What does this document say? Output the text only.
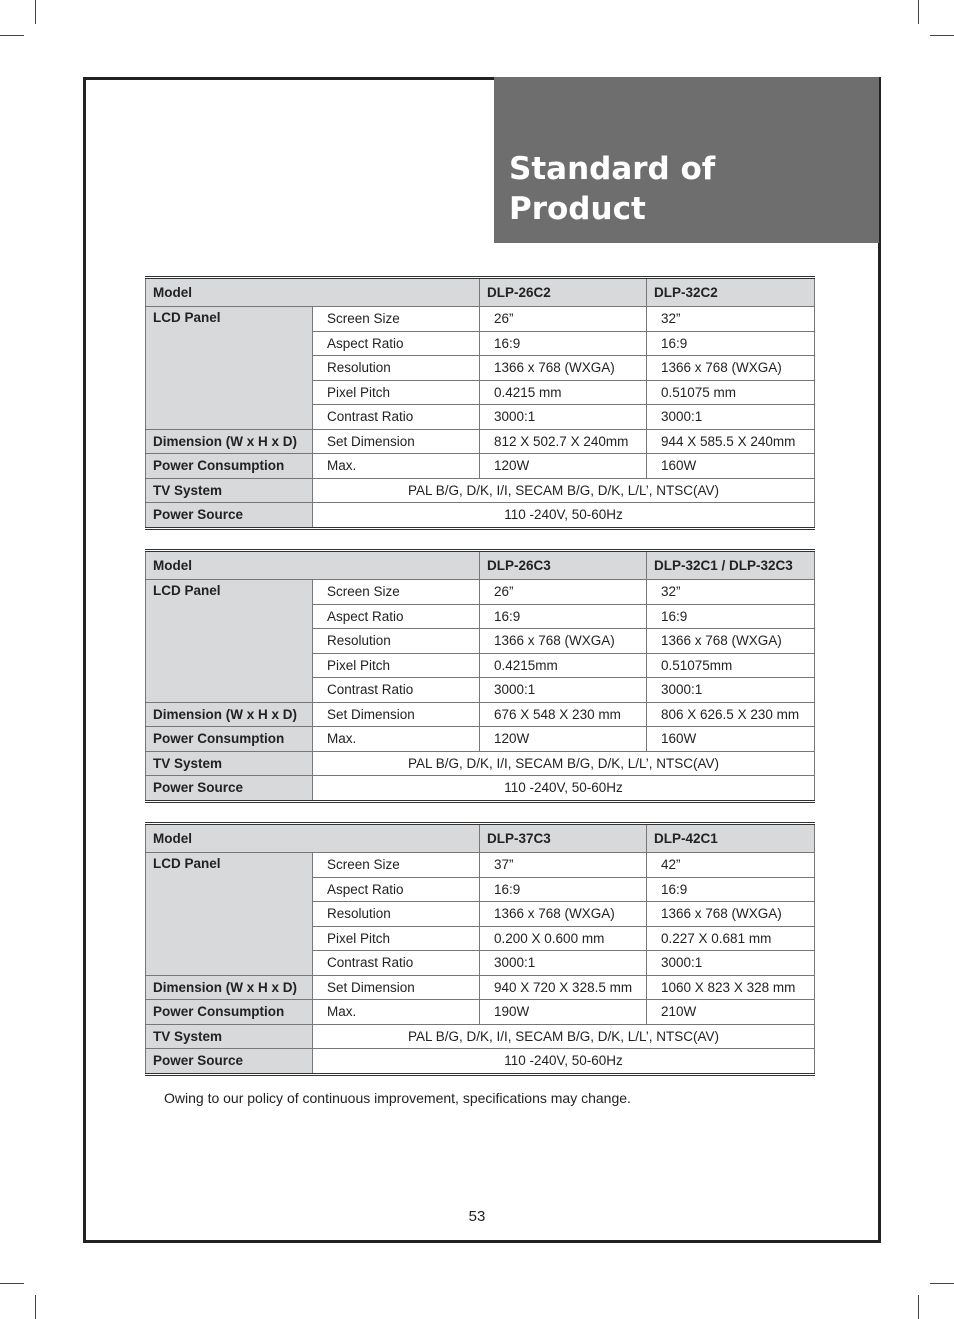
Standard of Product
Model		DLP-26C2	DLP-32C2
LCD Panel	Screen Size	26”	32”
	Aspect Ratio	16:9	16:9
	Resolution	1366 x 768 (WXGA)	1366 x 768 (WXGA)
	Pixel Pitch	0.4215 mm	0.51075 mm
	Contrast Ratio	3000:1	3000:1
Dimension (W x H x D)	Set Dimension	812 X 502.7 X 240mm	944 X 585.5 X 240mm
Power Consumption	Max.	120W	160W
TV System	PAL B/G, D/K, I/I, SECAM B/G, D/K, L/L’, NTSC(AV)		
Power Source	110 -240V, 50-60Hz		
Model		DLP-26C3	DLP-32C1 / DLP-32C3
LCD Panel	Screen Size	26”	32”
	Aspect Ratio	16:9	16:9
	Resolution	1366 x 768 (WXGA)	1366 x 768 (WXGA)
	Pixel Pitch	0.4215mm	0.51075mm
	Contrast Ratio	3000:1	3000:1
Dimension (W x H x D)	Set Dimension	676 X 548 X 230 mm	806 X 626.5 X 230 mm
Power Consumption	Max.	120W	160W
TV System	PAL B/G, D/K, I/I, SECAM B/G, D/K, L/L’, NTSC(AV)		
Power Source	110 -240V, 50-60Hz		
Model		DLP-37C3	DLP-42C1
LCD Panel	Screen Size	37”	42”
	Aspect Ratio	16:9	16:9
	Resolution	1366 x 768 (WXGA)	1366 x 768 (WXGA)
	Pixel Pitch	0.200 X 0.600 mm	0.227 X 0.681 mm
	Contrast Ratio	3000:1	3000:1
Dimension (W x H x D)	Set Dimension	940 X 720 X 328.5 mm	1060 X 823 X 328 mm
Power Consumption	Max.	190W	210W
TV System	PAL B/G, D/K, I/I, SECAM B/G, D/K, L/L’, NTSC(AV)		
Power Source	110 -240V, 50-60Hz		

Owing to our policy of continuous improvement, specifications may change.

53
